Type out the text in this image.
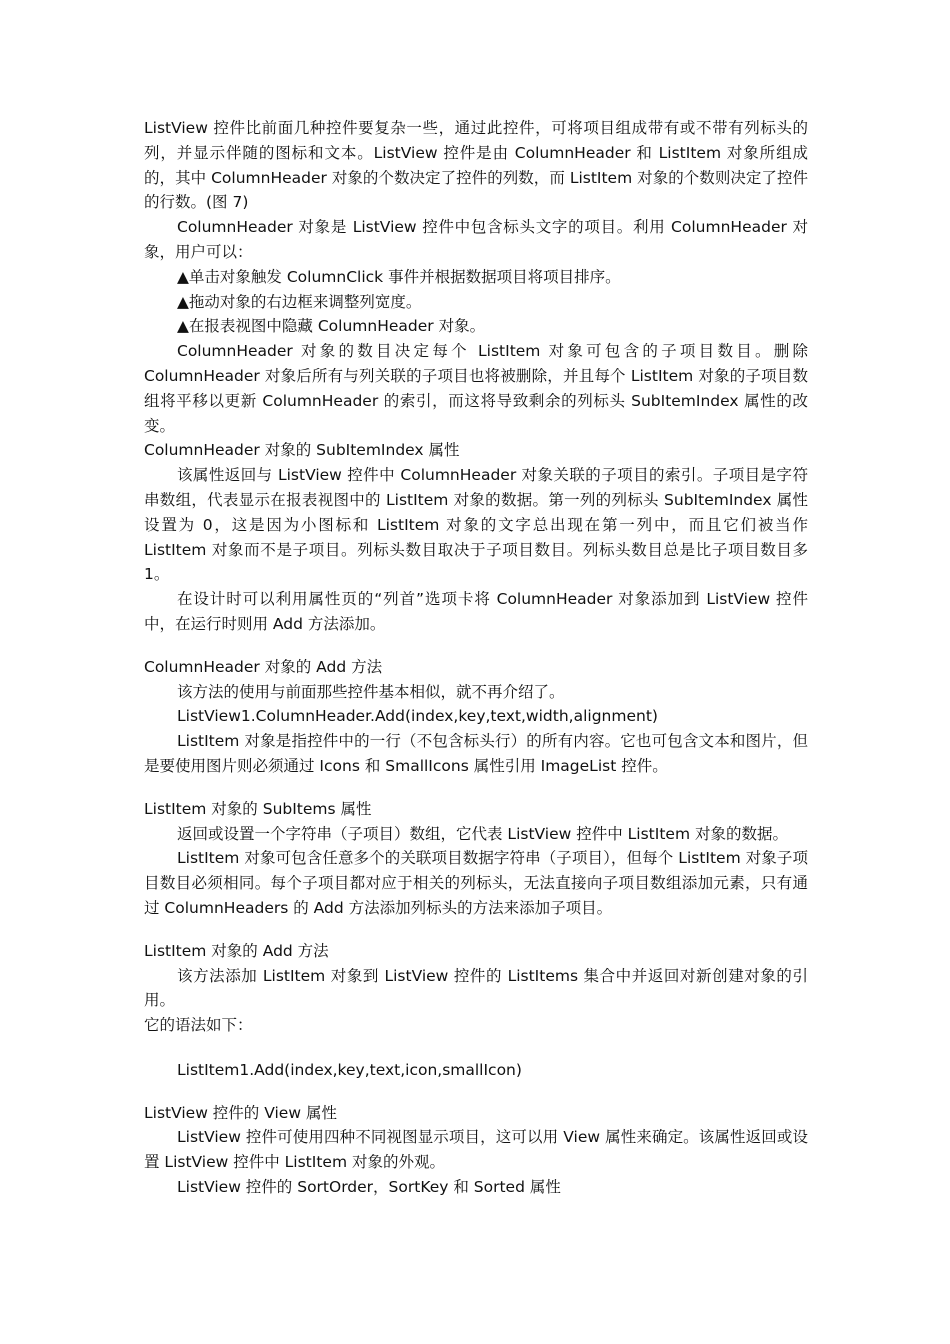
ListView 控件比前面几种控件要复杂一些，通过此控件，可将项目组成带有或不带有列标头的列，并显示伴随的图标和文本。ListView 控件是由 ColumnHeader 和 ListItem 对象所组成的，其中 ColumnHeader 对象的个数决定了控件的列数，而 ListItem 对象的个数则决定了控件的行数。(图 7)

ColumnHeader 对象是 ListView 控件中包含标头文字的项目。利用 ColumnHeader 对象，用户可以：

▲单击对象触发 ColumnClick 事件并根据数据项目将项目排序。

▲拖动对象的右边框来调整列宽度。

▲在报表视图中隐藏 ColumnHeader 对象。

ColumnHeader 对象的数目决定每个 ListItem 对象可包含的子项目数目。删除 ColumnHeader 对象后所有与列关联的子项目也将被删除，并且每个 ListItem 对象的子项目数组将平移以更新 ColumnHeader 的索引，而这将导致剩余的列标头 SubItemIndex 属性的改变。

ColumnHeader 对象的 SubItemIndex 属性

该属性返回与 ListView 控件中 ColumnHeader 对象关联的子项目的索引。子项目是字符串数组，代表显示在报表视图中的 ListItem 对象的数据。第一列的列标头 SubItemIndex 属性设置为 0，这是因为小图标和 ListItem 对象的文字总出现在第一列中，而且它们被当作 ListItem 对象而不是子项目。列标头数目取决于子项目数目。列标头数目总是比子项目数目多 1。

在设计时可以利用属性页的“列首”选项卡将 ColumnHeader 对象添加到 ListView 控件中，在运行时则用 Add 方法添加。

ColumnHeader 对象的 Add 方法

该方法的使用与前面那些控件基本相似，就不再介绍了。

ListView1.ColumnHeader.Add(index,key,text,width,alignment)

ListItem 对象是指控件中的一行（不包含标头行）的所有内容。它也可包含文本和图片，但是要使用图片则必须通过 Icons 和 SmallIcons 属性引用 ImageList 控件。

ListItem 对象的 SubItems 属性

返回或设置一个字符串（子项目）数组，它代表 ListView 控件中 ListItem 对象的数据。

ListItem 对象可包含任意多个的关联项目数据字符串（子项目），但每个 ListItem 对象子项目数目必须相同。每个子项目都对应于相关的列标头，无法直接向子项目数组添加元素，只有通过 ColumnHeaders 的 Add 方法添加列标头的方法来添加子项目。

ListItem 对象的 Add 方法

该方法添加 ListItem 对象到 ListView 控件的 ListItems 集合中并返回对新创建对象的引用。

它的语法如下：

ListItem1.Add(index,key,text,icon,smallIcon)

ListView 控件的 View 属性

ListView 控件可使用四种不同视图显示项目，这可以用 View 属性来确定。该属性返回或设置 ListView 控件中 ListItem 对象的外观。

ListView 控件的 SortOrder，SortKey 和 Sorted 属性
